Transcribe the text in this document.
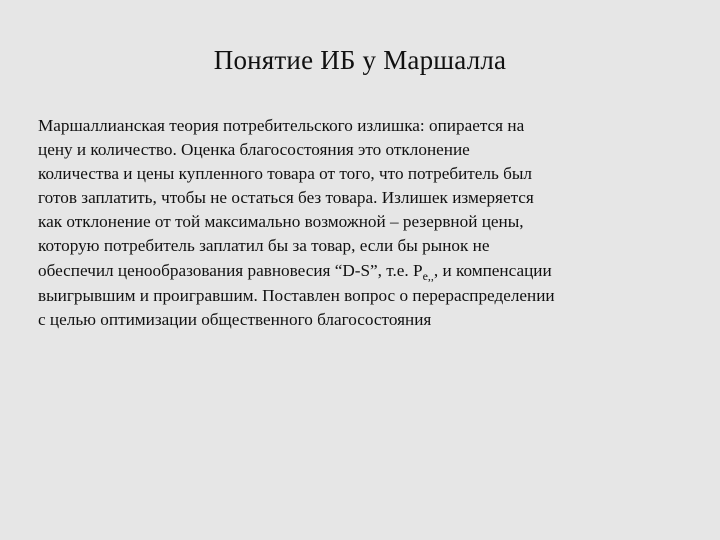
Понятие ИБ у Маршалла
Маршаллианская теория потребительского излишка: опирается на
цену и количество. Оценка благосостояния это отклонение
количества и цены купленного товара от того, что потребитель был
готов заплатить, чтобы не остаться без товара. Излишек измеряется
как отклонение от той максимально возможной – резервной цены,
которую потребитель заплатил бы за товар, если бы рынок не
обеспечил ценообразования равновесия “D-S”, т.е. $P_{е,,}$, и компенсации
выигрывшим и проигравшим. Поставлен вопрос о перераспределении
с целью оптимизации общественного благосостояния
